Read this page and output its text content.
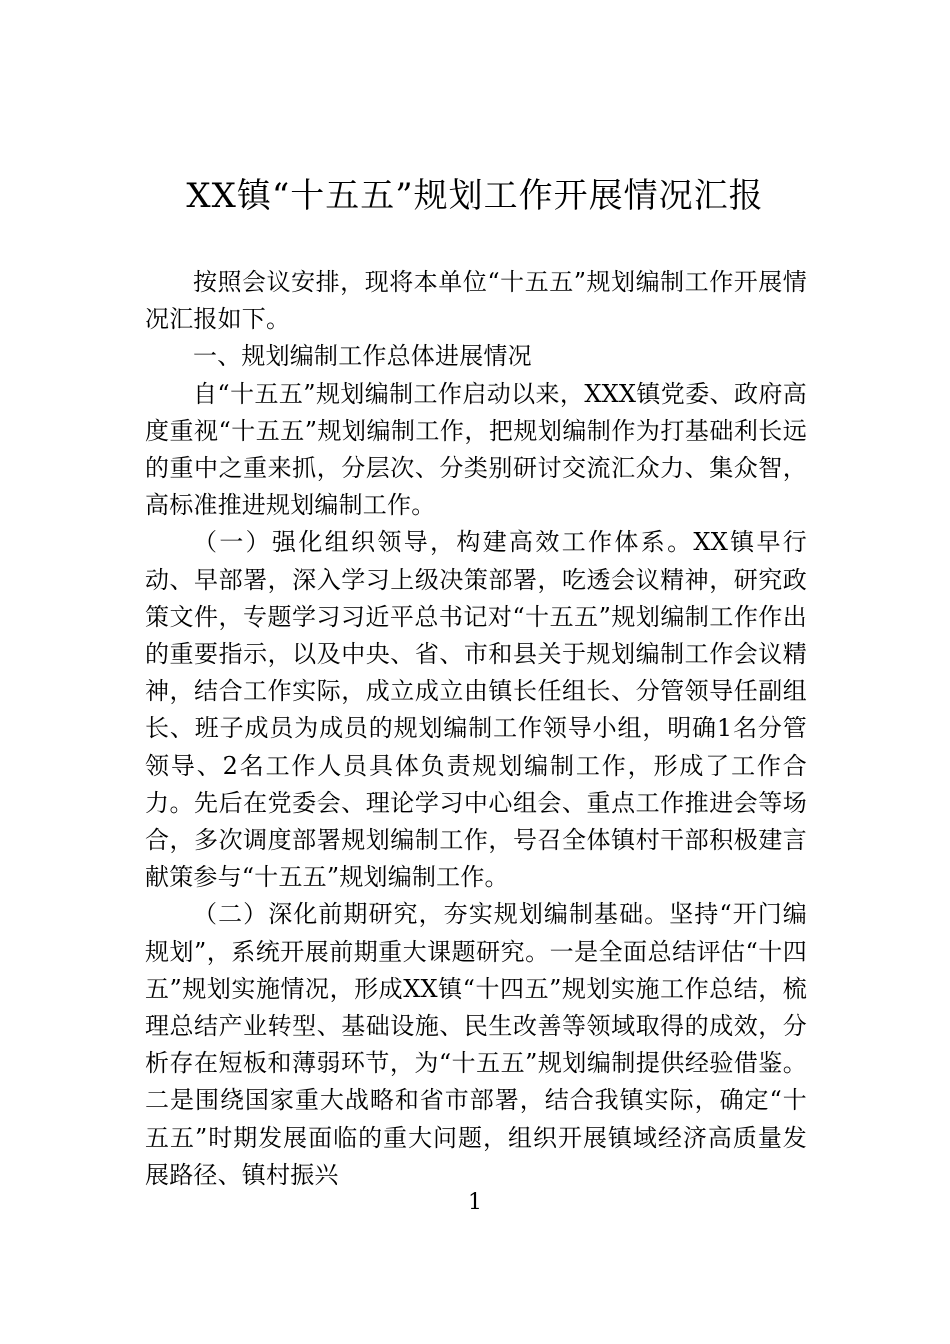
XX镇“十五五”规划工作开展情况汇报

按照会议安排，现将本单位“十五五”规划编制工作开展情况汇报如下。

一、规划编制工作总体进展情况

自“十五五”规划编制工作启动以来，XXX镇党委、政府高度重视“十五五”规划编制工作，把规划编制作为打基础利长远的重中之重来抓，分层次、分类别研讨交流汇众力、集众智，高标准推进规划编制工作。

（一）强化组织领导，构建高效工作体系。XX镇早行动、早部署，深入学习上级决策部署，吃透会议精神，研究政策文件，专题学习习近平总书记对“十五五”规划编制工作作出的重要指示，以及中央、省、市和县关于规划编制工作会议精神，结合工作实际，成立成立由镇长任组长、分管领导任副组长、班子成员为成员的规划编制工作领导小组，明确1名分管领导、2名工作人员具体负责规划编制工作，形成了工作合力。先后在党委会、理论学习中心组会、重点工作推进会等场合，多次调度部署规划编制工作，号召全体镇村干部积极建言献策参与“十五五”规划编制工作。

（二）深化前期研究，夯实规划编制基础。坚持“开门编规划”，系统开展前期重大课题研究。一是全面总结评估“十四五”规划实施情况，形成XX镇“十四五”规划实施工作总结，梳理总结产业转型、基础设施、民生改善等领域取得的成效，分析存在短板和薄弱环节，为“十五五”规划编制提供经验借鉴。二是围绕国家重大战略和省市部署，结合我镇实际，确定“十五五”时期发展面临的重大问题，组织开展镇域经济高质量发展路径、镇村振兴

1
